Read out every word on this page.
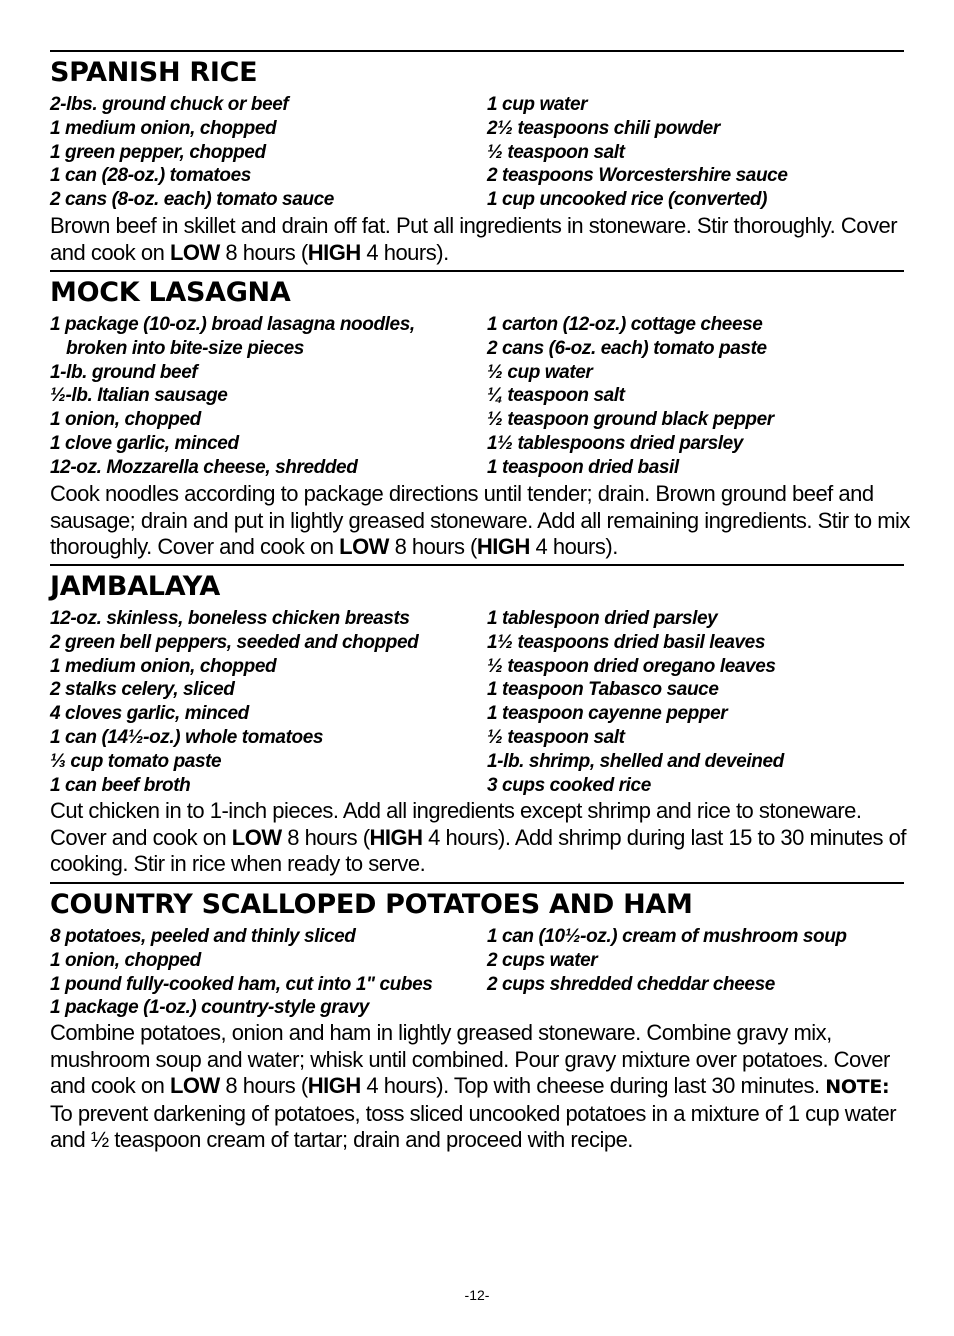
SPANISH RICE
2-lbs. ground chuck or beef
1 medium onion, chopped
1 green pepper, chopped
1 can (28-oz.) tomatoes
2 cans (8-oz. each) tomato sauce
1 cup water
2½ teaspoons chili powder
½ teaspoon salt
2 teaspoons Worcestershire sauce
1 cup uncooked rice (converted)

Brown beef in skillet and drain off fat. Put all ingredients in stoneware. Stir thoroughly. Cover and cook on LOW 8 hours (HIGH 4 hours).

MOCK LASAGNA
1 package (10-oz.) broad lasagna noodles,
broken into bite-size pieces
1-lb. ground beef
½-lb. Italian sausage
1 onion, chopped
1 clove garlic, minced
12-oz. Mozzarella cheese, shredded
1 carton (12-oz.) cottage cheese
2 cans (6-oz. each) tomato paste
½ cup water
¼ teaspoon salt
½ teaspoon ground black pepper
1½ tablespoons dried parsley
1 teaspoon dried basil

Cook noodles according to package directions until tender; drain. Brown ground beef and sausage; drain and put in lightly greased stoneware. Add all remaining ingredients. Stir to mix thoroughly. Cover and cook on LOW 8 hours (HIGH 4 hours).

JAMBALAYA
12-oz. skinless, boneless chicken breasts
2 green bell peppers, seeded and chopped
1 medium onion, chopped
2 stalks celery, sliced
4 cloves garlic, minced
1 can (14½-oz.) whole tomatoes
⅓ cup tomato paste
1 can beef broth
1 tablespoon dried parsley
1½ teaspoons dried basil leaves
½ teaspoon dried oregano leaves
1 teaspoon Tabasco sauce
1 teaspoon cayenne pepper
½ teaspoon salt
1-lb. shrimp, shelled and deveined
3 cups cooked rice

Cut chicken in to 1-inch pieces. Add all ingredients except shrimp and rice to stoneware. Cover and cook on LOW 8 hours (HIGH 4 hours). Add shrimp during last 15 to 30 minutes of cooking. Stir in rice when ready to serve.

COUNTRY SCALLOPED POTATOES AND HAM
8 potatoes, peeled and thinly sliced
1 onion, chopped
1 pound fully-cooked ham, cut into 1" cubes
1 package (1-oz.) country-style gravy
1 can (10½-oz.) cream of mushroom soup
2 cups water
2 cups shredded cheddar cheese

Combine potatoes, onion and ham in lightly greased stoneware. Combine gravy mix, mushroom soup and water; whisk until combined. Pour gravy mixture over potatoes. Cover and cook on LOW 8 hours (HIGH 4 hours). Top with cheese during last 30 minutes. NOTE: To prevent darkening of potatoes, toss sliced uncooked potatoes in a mixture of 1 cup water and ½ teaspoon cream of tartar; drain and proceed with recipe.

-12-
